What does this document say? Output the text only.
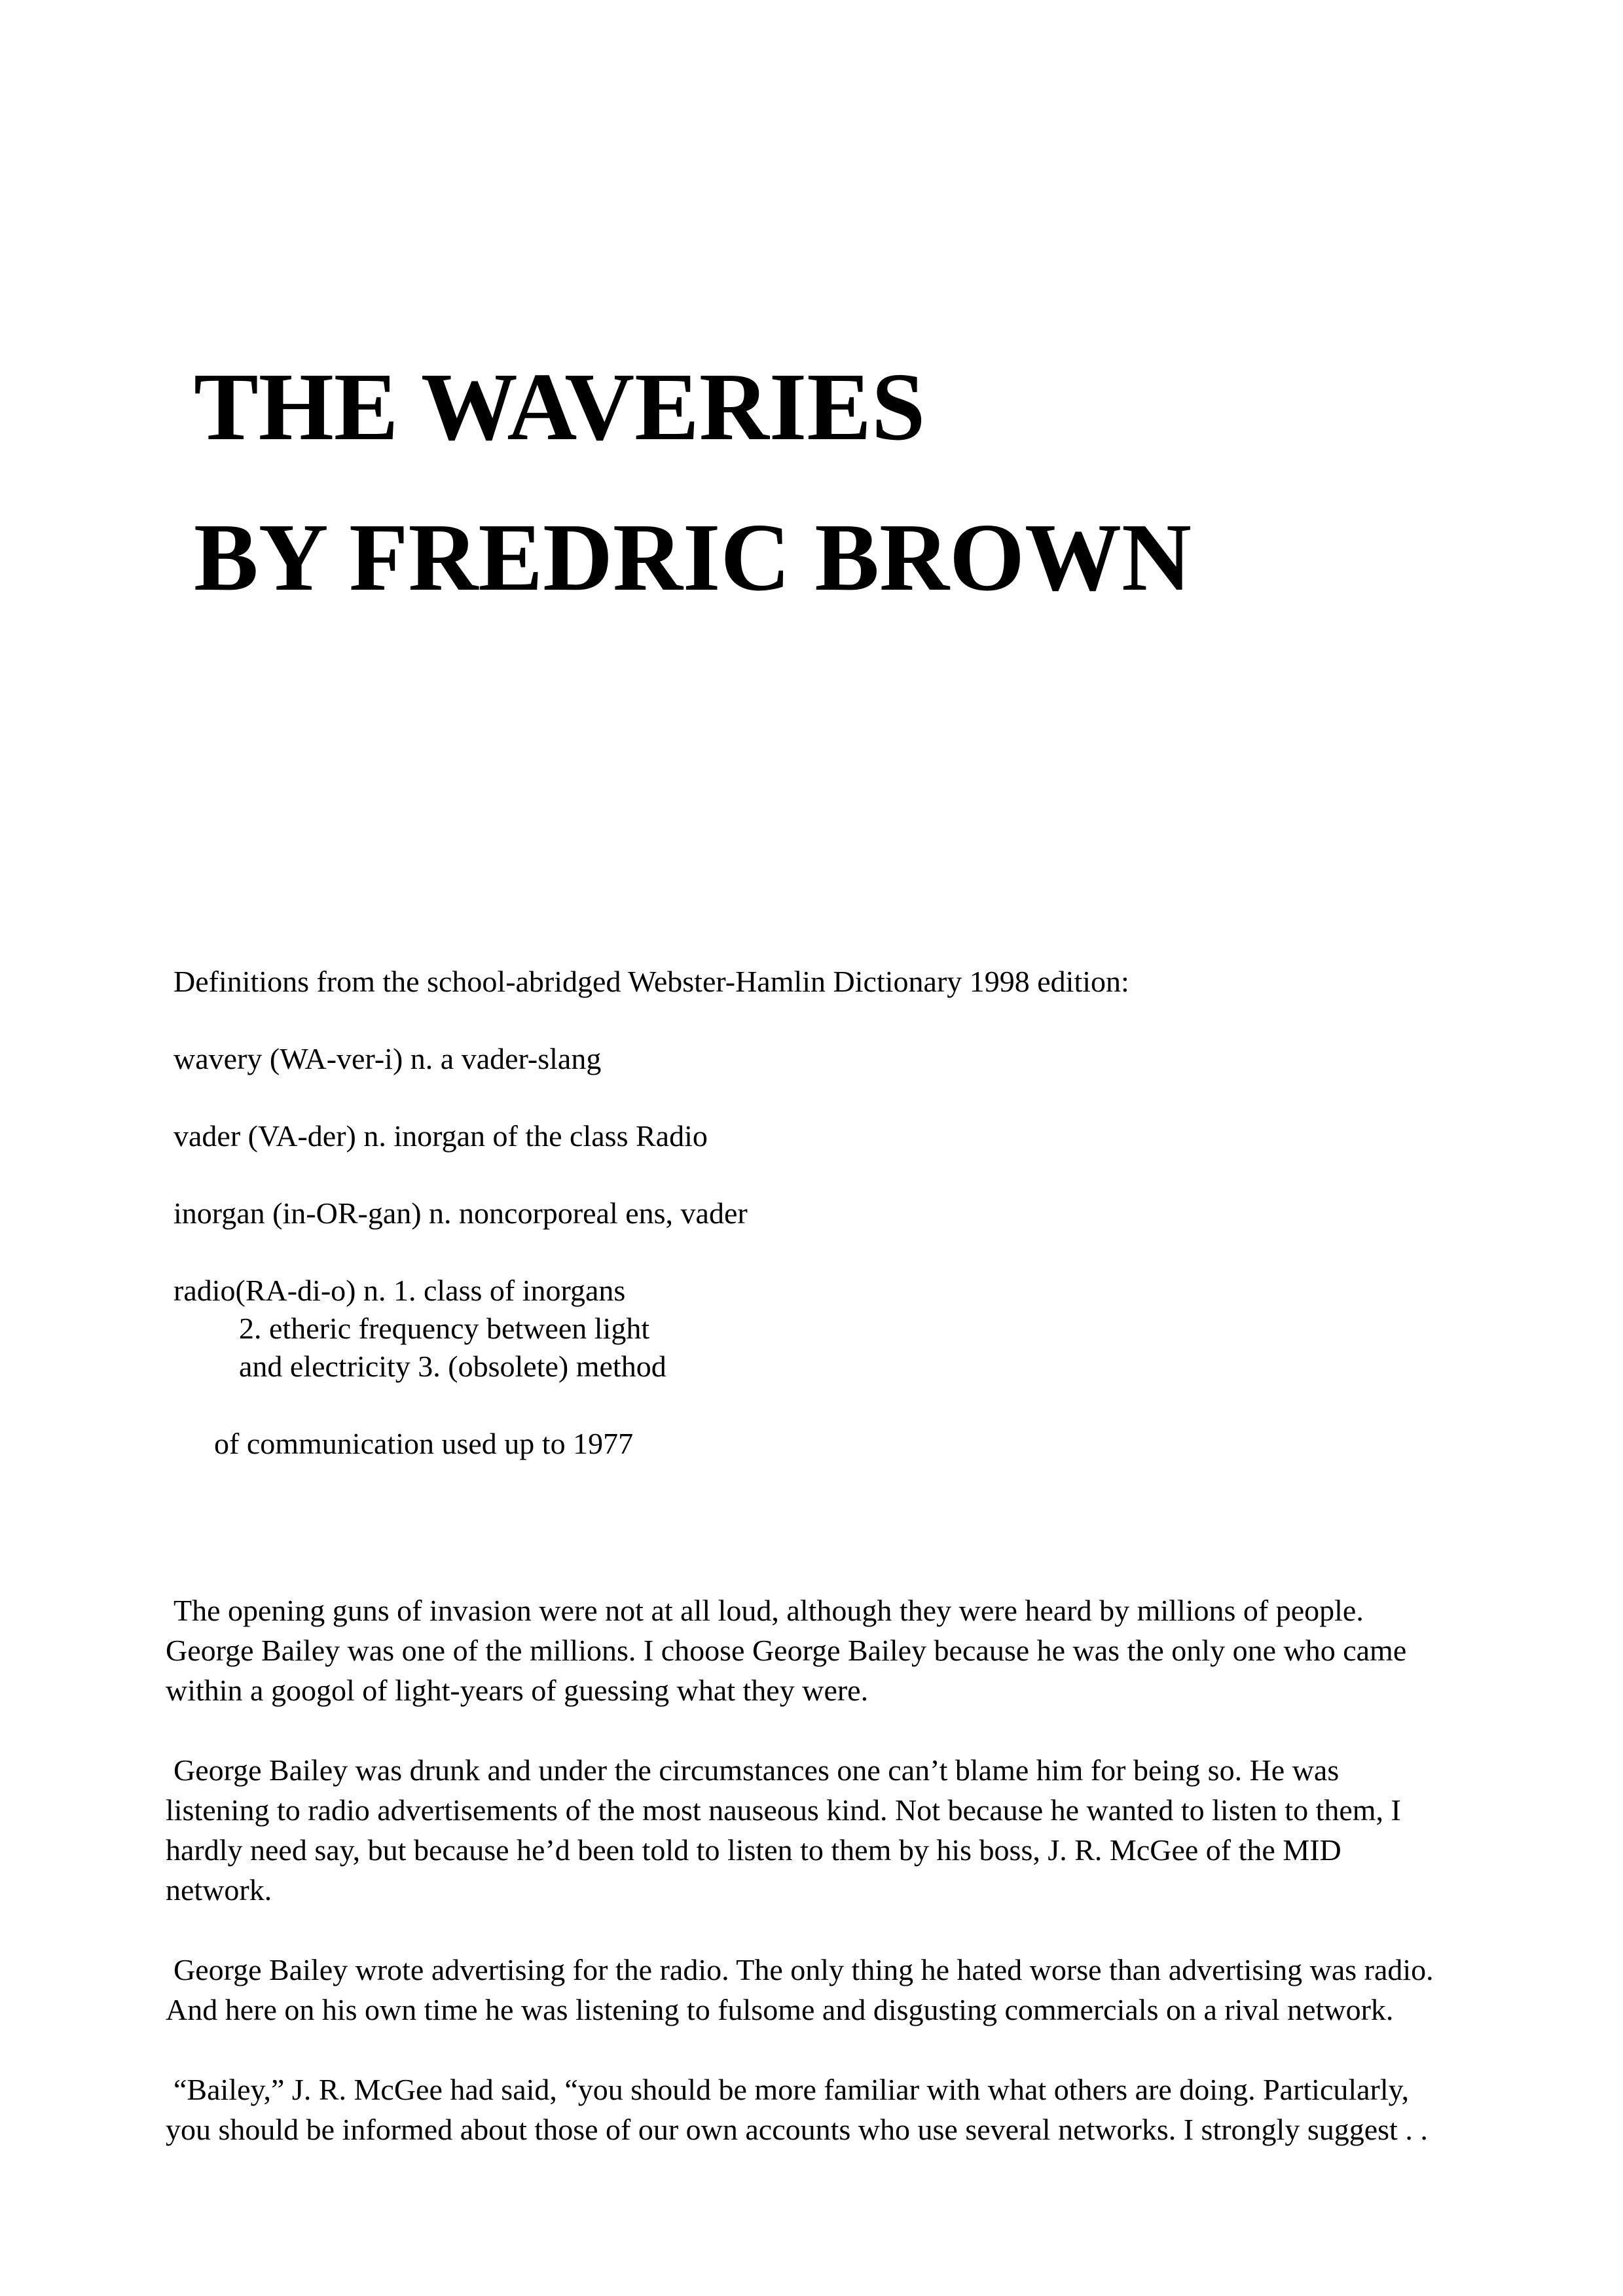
THE WAVERIES
BY FREDRIC BROWN

Definitions from the school-abridged Webster-Hamlin Dictionary 1998 edition:

wavery (WA-ver-i) n. a vader-slang

vader (VA-der) n. inorgan of the class Radio

inorgan (in-OR-gan) n. noncorporeal ens, vader

radio(RA-di-o) n. 1. class of inorgans

2. etheric frequency between light

and electricity 3. (obsolete) method

of communication used up to 1977

The opening guns of invasion were not at all loud, although they were heard by millions of people.
George Bailey was one of the millions. I choose George Bailey because he was the only one who came
within a googol of light-years of guessing what they were.

George Bailey was drunk and under the circumstances one can’t blame him for being so. He was
listening to radio advertisements of the most nauseous kind. Not because he wanted to listen to them, I
hardly need say, but because he’d been told to listen to them by his boss, J. R. McGee of the MID
network.

George Bailey wrote advertising for the radio. The only thing he hated worse than advertising was radio.
And here on his own time he was listening to fulsome and disgusting commercials on a rival network.

“Bailey,” J. R. McGee had said, “you should be more familiar with what others are doing. Particularly,
you should be informed about those of our own accounts who use several networks. I strongly suggest . .
